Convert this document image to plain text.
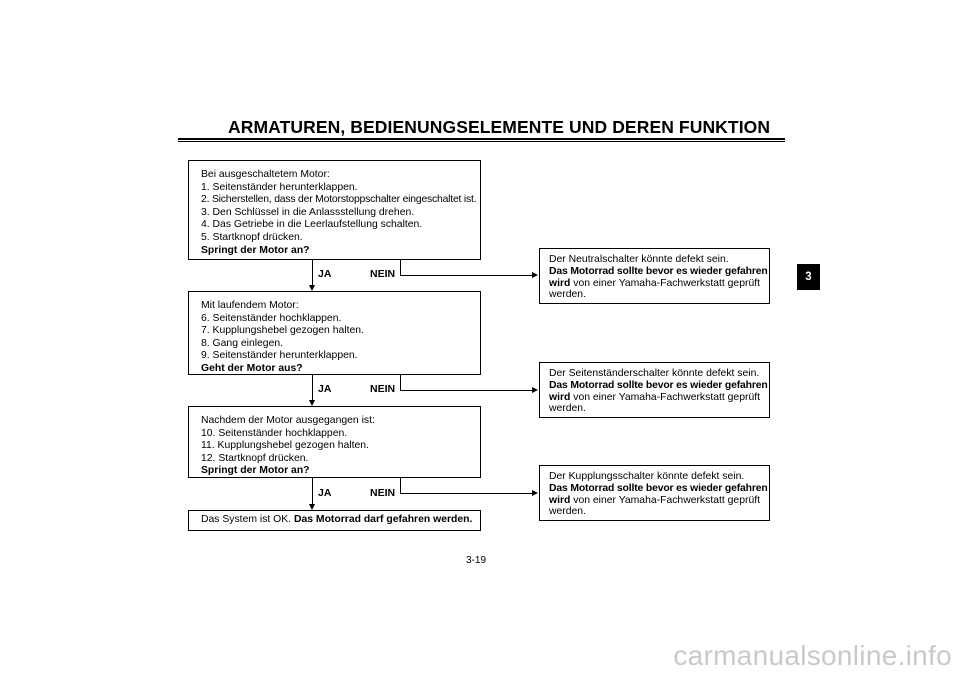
ARMATUREN, BEDIENUNGSELEMENTE UND DEREN FUNKTION
Bei ausgeschaltetem Motor:
1. Seitenständer herunterklappen.
2. Sicherstellen, dass der Motorstoppschalter eingeschaltet ist.
3. Den Schlüssel in die Anlassstellung drehen.
4. Das Getriebe in die Leerlaufstellung schalten.
5. Startknopf drücken.
Springt der Motor an?
JA	NEIN
Mit laufendem Motor:
6. Seitenständer hochklappen.
7. Kupplungshebel gezogen halten.
8. Gang einlegen.
9. Seitenständer herunterklappen.
Geht der Motor aus?
JA	NEIN
Nachdem der Motor ausgegangen ist:
10. Seitenständer hochklappen.
11. Kupplungshebel gezogen halten.
12. Startknopf drücken.
Springt der Motor an?
JA	NEIN
Das System ist OK. Das Motorrad darf gefahren werden.
Der Neutralschalter könnte defekt sein.
Das Motorrad sollte bevor es wieder gefahren
wird von einer Yamaha-Fachwerkstatt geprüft
werden.
Der Seitenständerschalter könnte defekt sein.
Das Motorrad sollte bevor es wieder gefahren
wird von einer Yamaha-Fachwerkstatt geprüft
werden.
Der Kupplungsschalter könnte defekt sein.
Das Motorrad sollte bevor es wieder gefahren
wird von einer Yamaha-Fachwerkstatt geprüft
werden.
3
3-19
carmanualsonline.info
